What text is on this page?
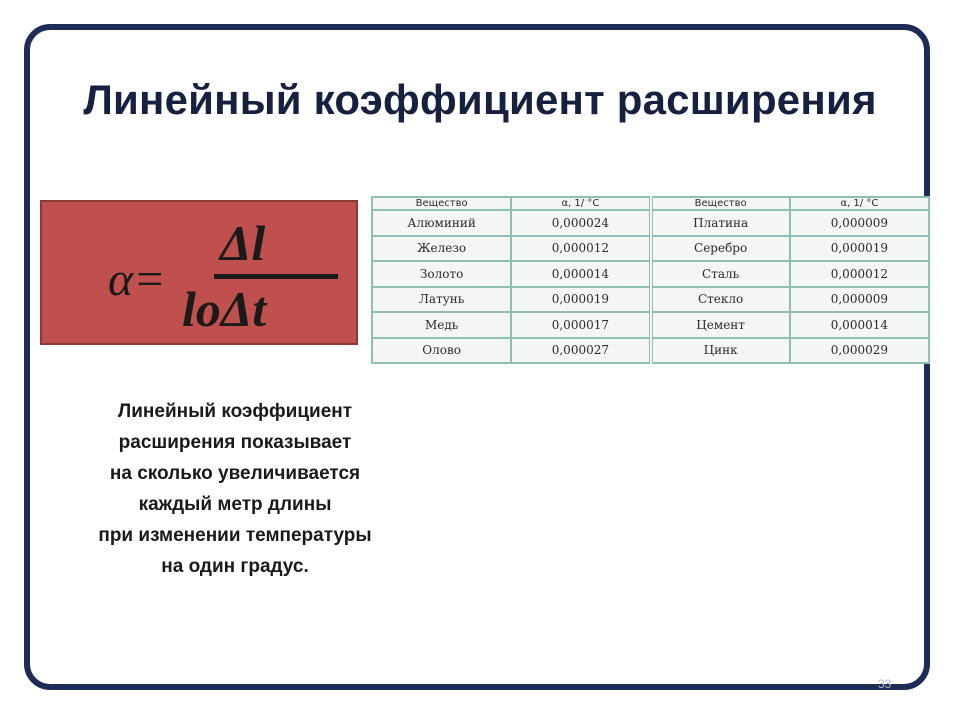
Линейный коэффициент расширения
α=
Δl
loΔt
Вещество	α, 1/ °С	Вещество	α, 1/ °С
Алюминий	0,000024	Платина	0,000009
Железо	0,000012	Серебро	0,000019
Золото	0,000014	Сталь	0,000012
Латунь	0,000019	Стекло	0,000009
Медь	0,000017	Цемент	0,000014
Олово	0,000027	Цинк	0,000029
Линейный коэффициент
расширения показывает
на сколько увеличивается
каждый метр длины
при изменении температуры
на один градус.
33
